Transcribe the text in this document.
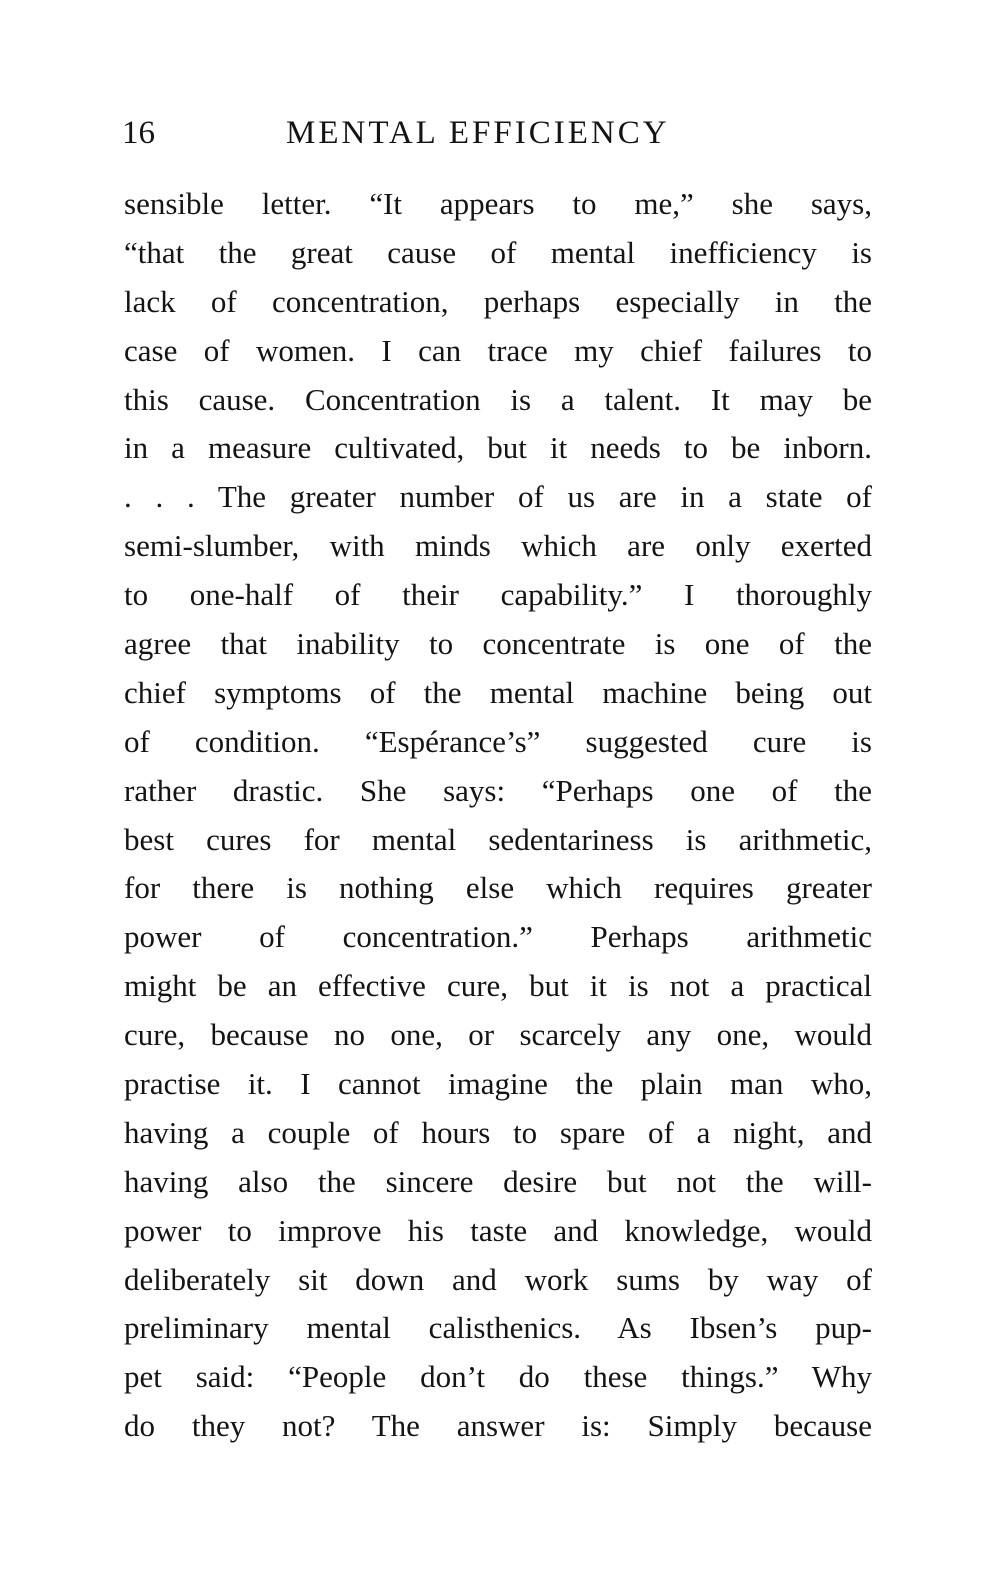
16	MENTAL EFFICIENCY
sensible letter. “It appears to me,” she says,
“that the great cause of mental inefficiency is
lack of concentration, perhaps especially in the
case of women. I can trace my chief failures to
this cause. Concentration is a talent. It may be
in a measure cultivated, but it needs to be inborn.
. . . The greater number of us are in a state of
semi-slumber, with minds which are only exerted
to one-half of their capability.” I thoroughly
agree that inability to concentrate is one of the
chief symptoms of the mental machine being out
of condition. “Espérance’s” suggested cure is
rather drastic. She says: “Perhaps one of the
best cures for mental sedentariness is arithmetic,
for there is nothing else which requires greater
power of concentration.” Perhaps arithmetic
might be an effective cure, but it is not a practical
cure, because no one, or scarcely any one, would
practise it. I cannot imagine the plain man who,
having a couple of hours to spare of a night, and
having also the sincere desire but not the will-
power to improve his taste and knowledge, would
deliberately sit down and work sums by way of
preliminary mental calisthenics. As Ibsen’s pup-
pet said: “People don’t do these things.” Why
do they not? The answer is: Simply because
